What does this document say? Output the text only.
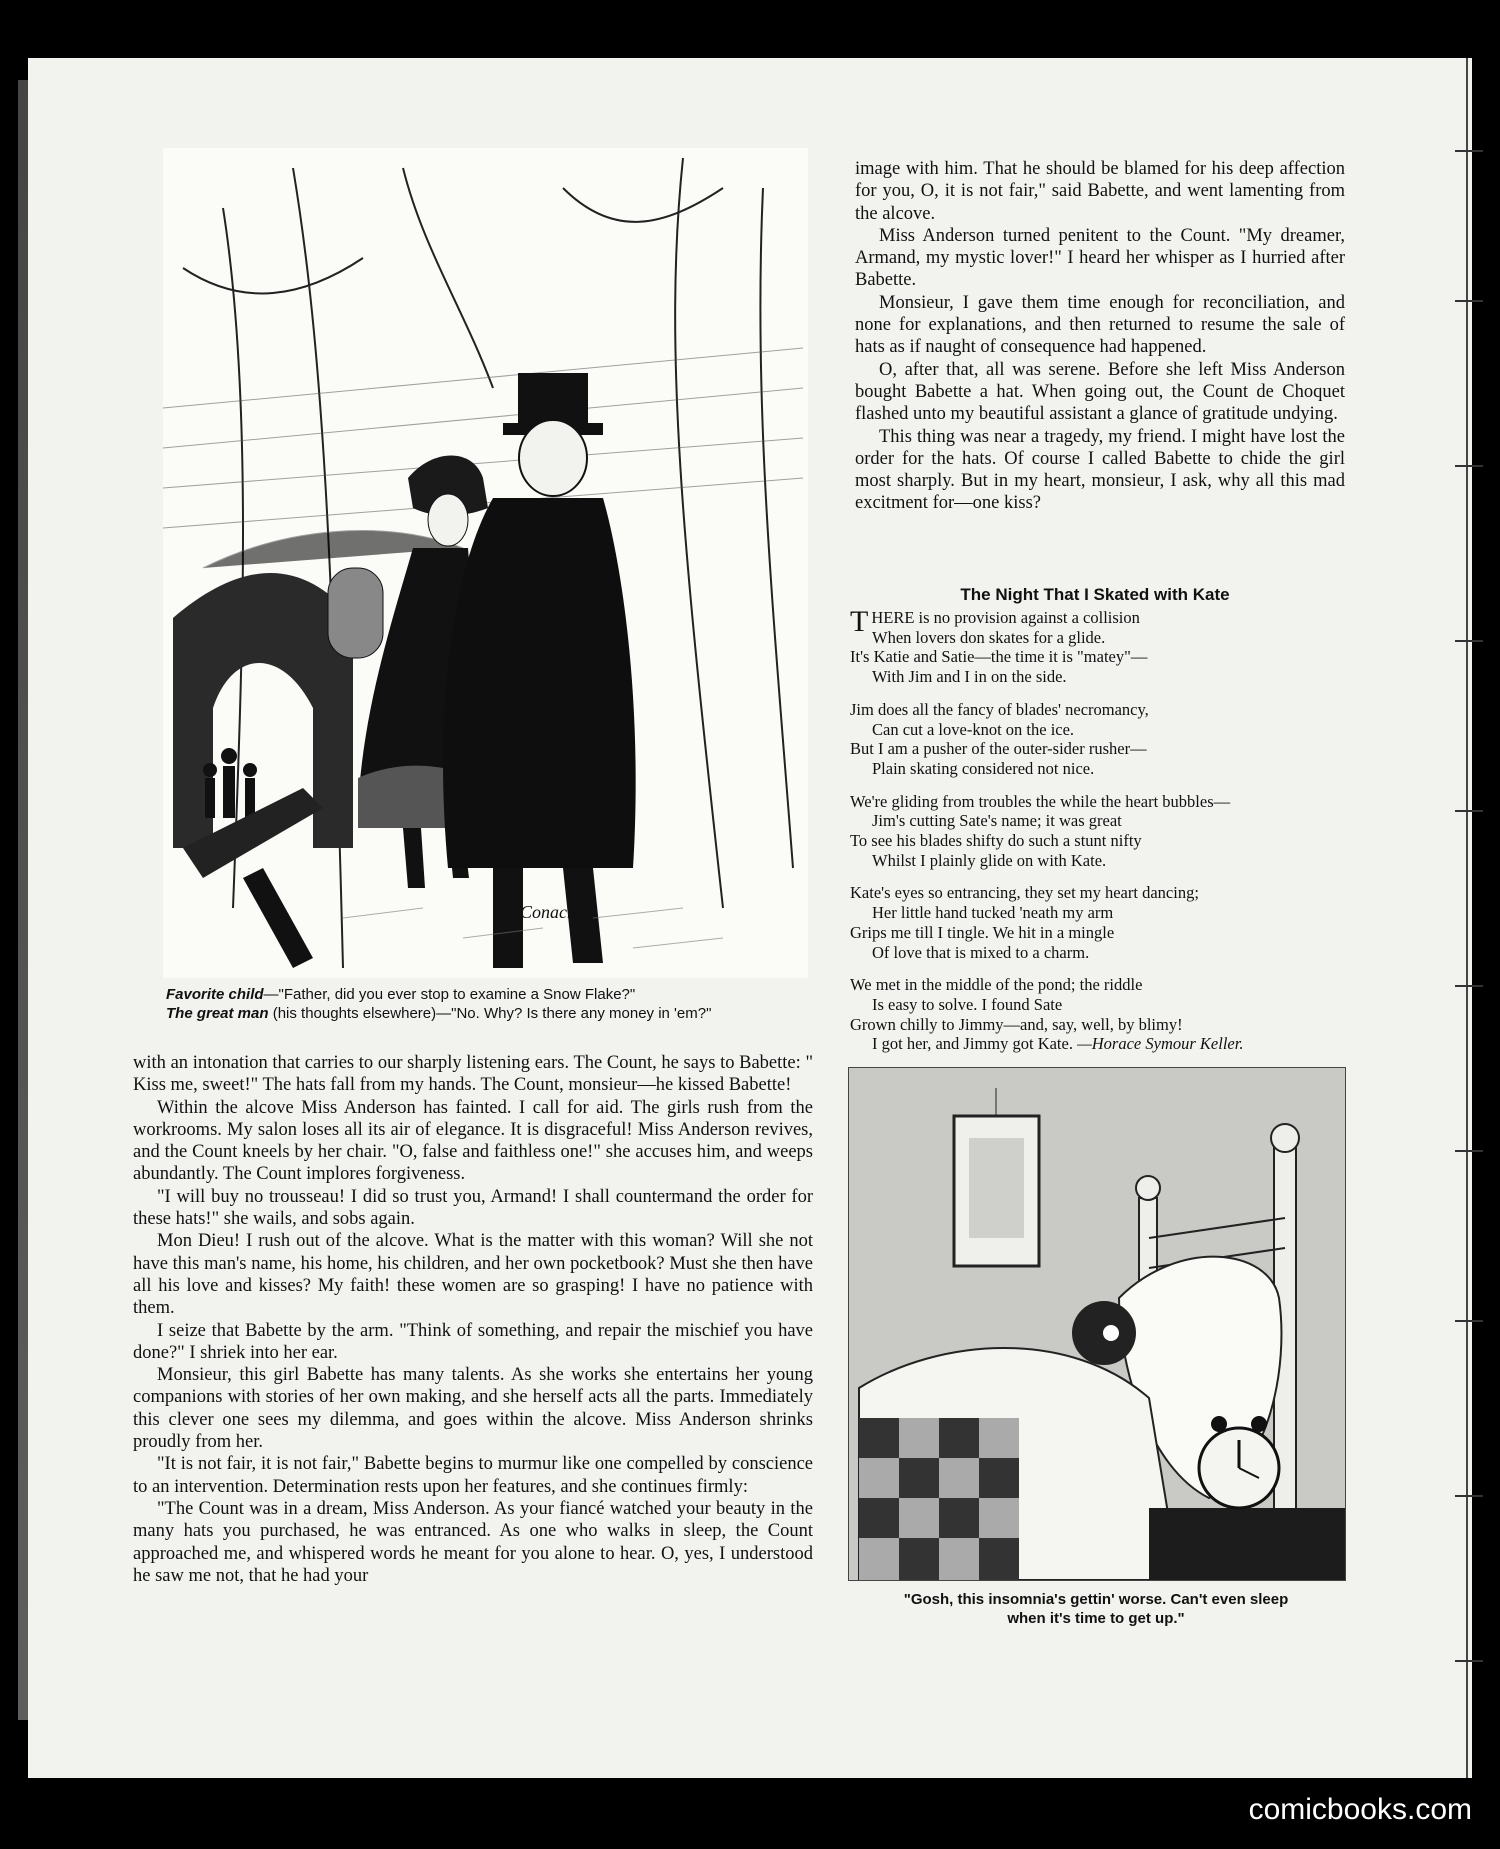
J. Conacher
Favorite child—"Father, did you ever stop to examine a Snow Flake?"
The great man (his thoughts elsewhere)—"No. Why? Is there any money in 'em?"

image with him. That he should be blamed for his deep affection for you, O, it is not fair," said Babette, and went lamenting from the alcove.

Miss Anderson turned penitent to the Count. "My dreamer, Armand, my mystic lover!" I heard her whisper as I hurried after Babette.

Monsieur, I gave them time enough for reconciliation, and none for explanations, and then returned to resume the sale of hats as if naught of consequence had happened.

O, after that, all was serene. Before she left Miss Anderson bought Babette a hat. When going out, the Count de Choquet flashed unto my beautiful assistant a glance of gratitude undying.

This thing was near a tragedy, my friend. I might have lost the order for the hats. Of course I called Babette to chide the girl most sharply. But in my heart, monsieur, I ask, why all this mad excitment for—one kiss?

The Night That I Skated with Kate
THERE is no provision against a collision
When lovers don skates for a glide.
It's Katie and Satie—the time it is "matey"—
With Jim and I in on the side.
Jim does all the fancy of blades' necromancy,
Can cut a love-knot on the ice.
But I am a pusher of the outer-sider rusher—
Plain skating considered not nice.
We're gliding from troubles the while the heart bubbles—
Jim's cutting Sate's name; it was great
To see his blades shifty do such a stunt nifty
Whilst I plainly glide on with Kate.
Kate's eyes so entrancing, they set my heart dancing;
Her little hand tucked 'neath my arm
Grips me till I tingle. We hit in a mingle
Of love that is mixed to a charm.
We met in the middle of the pond; the riddle
Is easy to solve. I found Sate
Grown chilly to Jimmy—and, say, well, by blimy!
I got her, and Jimmy got Kate. —Horace Symour Keller.

with an intonation that carries to our sharply listening ears. The Count, he says to Babette: " Kiss me, sweet!" The hats fall from my hands. The Count, monsieur—he kissed Babette!

Within the alcove Miss Anderson has fainted. I call for aid. The girls rush from the workrooms. My salon loses all its air of elegance. It is disgraceful! Miss Anderson revives, and the Count kneels by her chair. "O, false and faithless one!" she accuses him, and weeps abundantly. The Count implores forgiveness.

"I will buy no trousseau! I did so trust you, Armand! I shall countermand the order for these hats!" she wails, and sobs again.

Mon Dieu! I rush out of the alcove. What is the matter with this woman? Will she not have this man's name, his home, his children, and her own pocketbook? Must she then have all his love and kisses? My faith! these women are so grasping! I have no patience with them.

I seize that Babette by the arm. "Think of something, and repair the mischief you have done?" I shriek into her ear.

Monsieur, this girl Babette has many talents. As she works she entertains her young companions with stories of her own making, and she herself acts all the parts. Immediately this clever one sees my dilemma, and goes within the alcove. Miss Anderson shrinks proudly from her.

"It is not fair, it is not fair," Babette begins to murmur like one compelled by conscience to an intervention. Determination rests upon her features, and she continues firmly:

"The Count was in a dream, Miss Anderson. As your fiancé watched your beauty in the many hats you purchased, he was entranced. As one who walks in sleep, the Count approached me, and whispered words he meant for you alone to hear. O, yes, I understood he saw me not, that he had your

"Gosh, this insomnia's gettin' worse. Can't even sleep
when it's time to get up."
comicbooks.com
